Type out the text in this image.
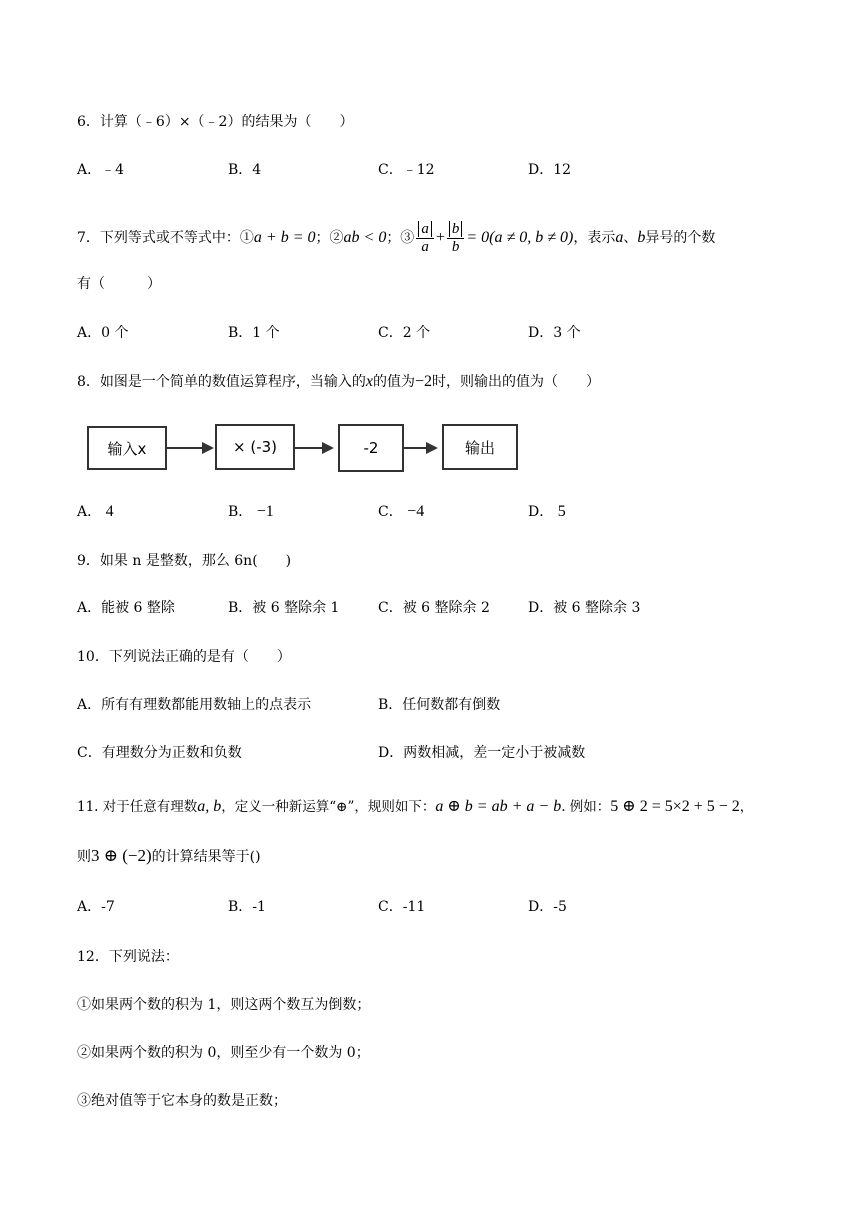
6．计算（﹣6）×（﹣2）的结果为（　　）
A．﹣4	B．4	C．﹣12	D．12
7．下列等式或不等式中：①a + b = 0；②ab < 0；③ $\frac{a}{a} + \frac{b}{b} = 0(a \ne 0$, b ≠ 0)，表示a、b异号的个数
有（　　　）
A．0 个	B．1 个	C．2 个	D．3 个
8．如图是一个简单的数值运算程序，当输入的x的值为−2时，则输出的值为（　　）
输入x	× (-3)	-2	输出
A． 4	B． −1	C． −4	D． 5
9．如果 n 是整数，那么 6n(　　)
A．能被 6 整除	B．被 6 整除余 1	C．被 6 整除余 2	D．被 6 整除余 3
10．下列说法正确的是有（　　）
A．所有有理数都能用数轴上的点表示	B．任何数都有倒数
C．有理数分为正数和负数	D．两数相减，差一定小于被减数
11. 对于任意有理数a, b，定义一种新运算“⊕”，规则如下：a ⊕ b = ab + a − b. 例如：5 ⊕ 2 = 5×2 + 5 − 2，
则3 ⊕ (−2)的计算结果等于()
A．-7	B．-1	C．-11	D．-5
12．下列说法：
①如果两个数的积为 1，则这两个数互为倒数；
②如果两个数的积为 0，则至少有一个数为 0；
③绝对值等于它本身的数是正数；
